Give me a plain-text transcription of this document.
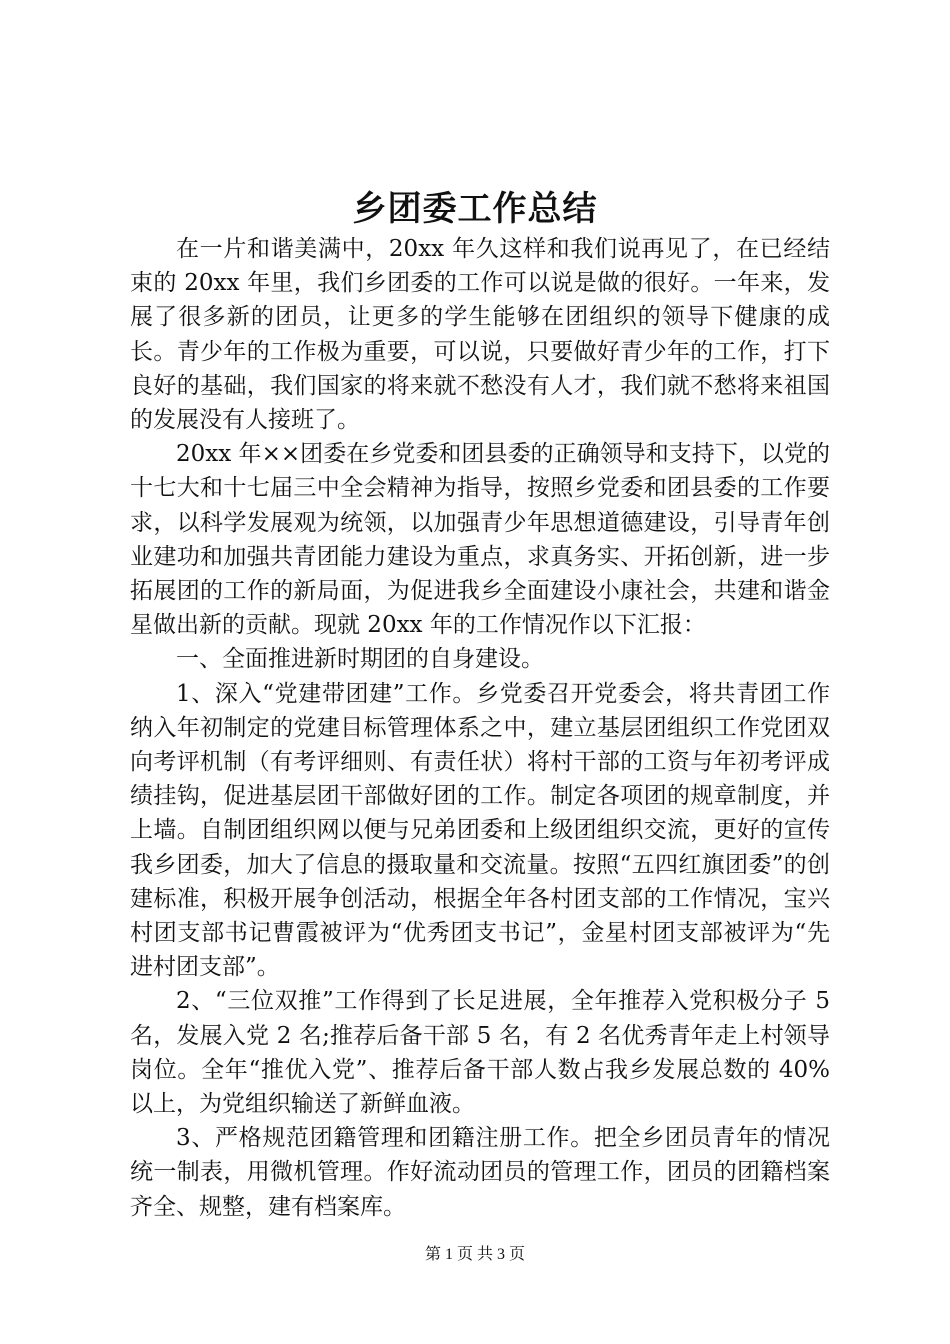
乡团委工作总结

在一片和谐美满中，20xx 年久这样和我们说再见了，在已经结束的 20xx 年里，我们乡团委的工作可以说是做的很好。一年来，发展了很多新的团员，让更多的学生能够在团组织的领导下健康的成长。青少年的工作极为重要，可以说，只要做好青少年的工作，打下良好的基础，我们国家的将来就不愁没有人才，我们就不愁将来祖国的发展没有人接班了。

20xx 年××团委在乡党委和团县委的正确领导和支持下，以党的十七大和十七届三中全会精神为指导，按照乡党委和团县委的工作要求，以科学发展观为统领，以加强青少年思想道德建设，引导青年创业建功和加强共青团能力建设为重点，求真务实、开拓创新，进一步拓展团的工作的新局面，为促进我乡全面建设小康社会，共建和谐金星做出新的贡献。现就 20xx 年的工作情况作以下汇报：

一、全面推进新时期团的自身建设。

1、深入“党建带团建”工作。乡党委召开党委会，将共青团工作纳入年初制定的党建目标管理体系之中，建立基层团组织工作党团双向考评机制（有考评细则、有责任状）将村干部的工资与年初考评成绩挂钩，促进基层团干部做好团的工作。制定各项团的规章制度，并上墙。自制团组织网以便与兄弟团委和上级团组织交流，更好的宣传我乡团委，加大了信息的摄取量和交流量。按照“五四红旗团委”的创建标准，积极开展争创活动，根据全年各村团支部的工作情况，宝兴村团支部书记曹霞被评为“优秀团支书记”，金星村团支部被评为“先进村团支部”。

2、“三位双推”工作得到了长足进展，全年推荐入党积极分子 5 名，发展入党 2 名;推荐后备干部 5 名，有 2 名优秀青年走上村领导岗位。全年“推优入党”、推荐后备干部人数占我乡发展总数的 40%以上，为党组织输送了新鲜血液。

3、严格规范团籍管理和团籍注册工作。把全乡团员青年的情况统一制表，用微机管理。作好流动团员的管理工作，团员的团籍档案齐全、规整，建有档案库。

第 1 页 共 3 页
